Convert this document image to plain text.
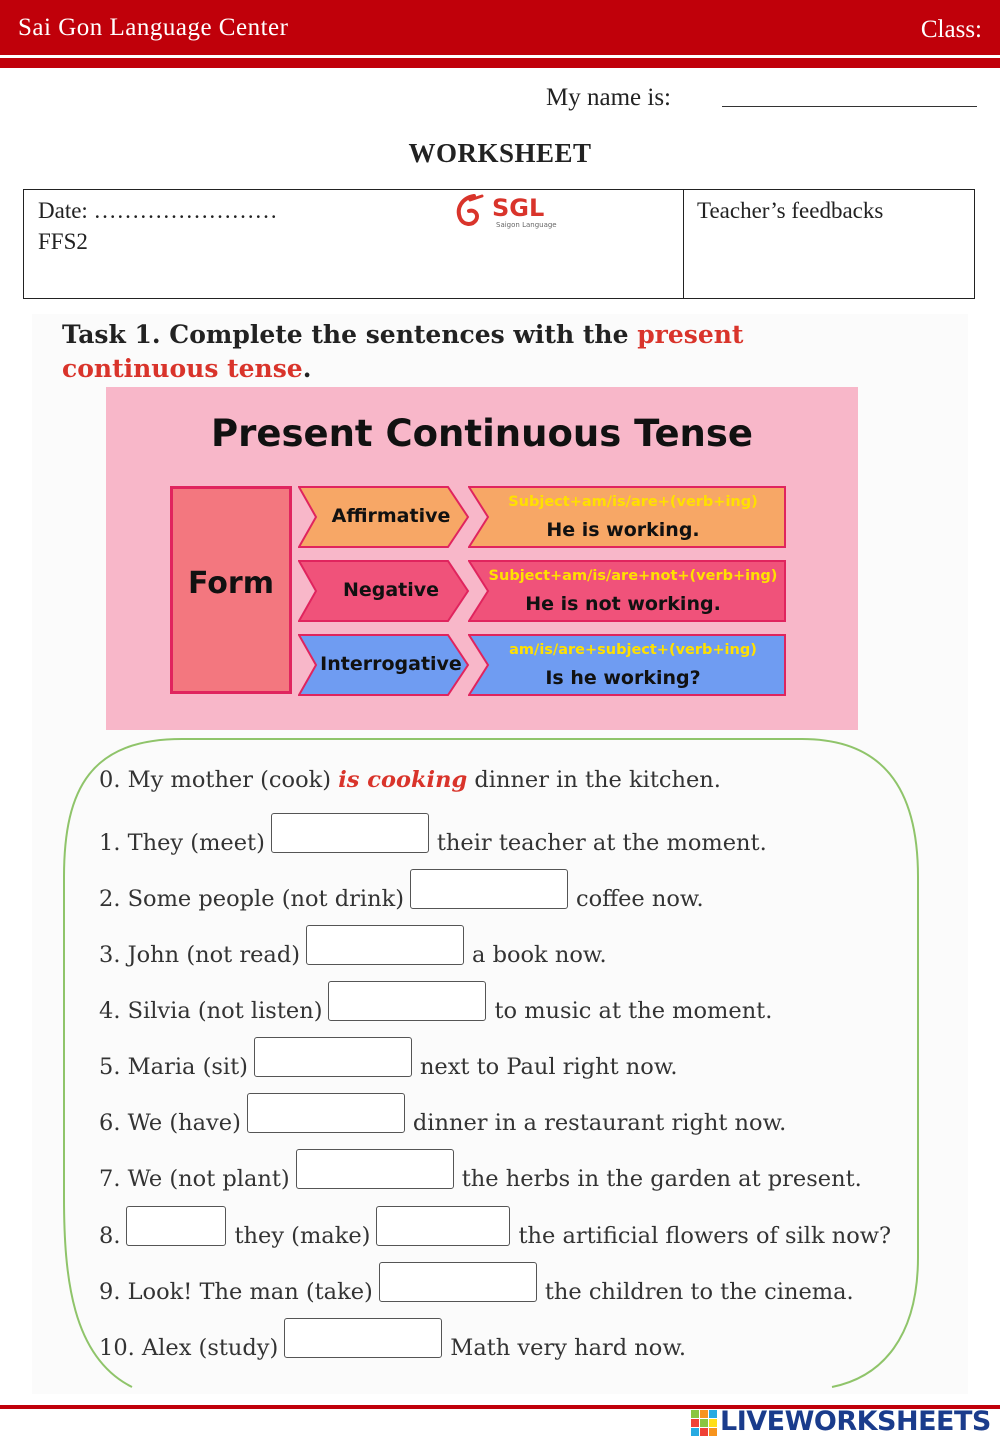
Sai Gon Language Center	Class:
My name is:
WORKSHEET
Date: ……………………
FFS2
Teacher’s feedbacks
SGL
Saigon Language
Task 1. Complete the sentences with the present continuous tense.
Present Continuous Tense
Form
Affirmative
Subject+am/is/are+(verb+ing)
He is working.
Negative
Subject+am/is/are+not+(verb+ing)
He is not working.
Interrogative
am/is/are+subject+(verb+ing)
Is he working?
0. My mother (cook) is cooking dinner in the kitchen.
1. They (meet)	their teacher at the moment.
2. Some people (not drink)	coffee now.
3. John (not read)	a book now.
4. Silvia (not listen)	to music at the moment.
5. Maria (sit)	next to Paul right now.
6. We (have)	dinner in a restaurant right now.
7. We (not plant)	the herbs in the garden at present.
8.	they (make)	the artificial flowers of silk now?
9. Look! The man (take)	the children to the cinema.
10. Alex (study)	Math very hard now.
LIVEWORKSHEETS
